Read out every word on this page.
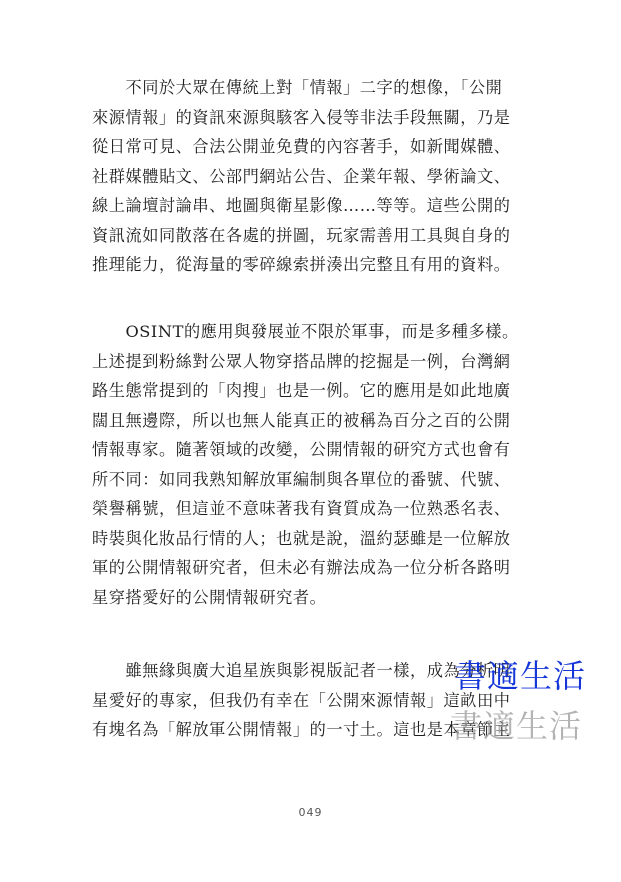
　　不同於大眾在傳統上對「情報」二字的想像，「公開
來源情報」的資訊來源與駭客入侵等非法手段無關，乃是
從日常可見、合法公開並免費的內容著手，如新聞媒體、
社群媒體貼文、公部門網站公告、企業年報、學術論文、
線上論壇討論串、地圖與衛星影像……等等。這些公開的
資訊流如同散落在各處的拼圖，玩家需善用工具與自身的
推理能力，從海量的零碎線索拼湊出完整且有用的資料。
　　OSINT的應用與發展並不限於軍事，而是多種多樣。
上述提到粉絲對公眾人物穿搭品牌的挖掘是一例，台灣網
路生態常提到的「肉搜」也是一例。它的應用是如此地廣
闊且無邊際，所以也無人能真正的被稱為百分之百的公開
情報專家。隨著領域的改變，公開情報的研究方式也會有
所不同：如同我熟知解放軍編制與各單位的番號、代號、
榮譽稱號，但這並不意味著我有資質成為一位熟悉名表、
時裝與化妝品行情的人；也就是說，溫約瑟雖是一位解放
軍的公開情報研究者，但未必有辦法成為一位分析各路明
星穿搭愛好的公開情報研究者。
　　雖無緣與廣大追星族與影視版記者一樣，成為分析明
星愛好的專家，但我仍有幸在「公開來源情報」這畝田中
有塊名為「解放軍公開情報」的一寸土。這也是本章節主
書適生活
書適生活
049
